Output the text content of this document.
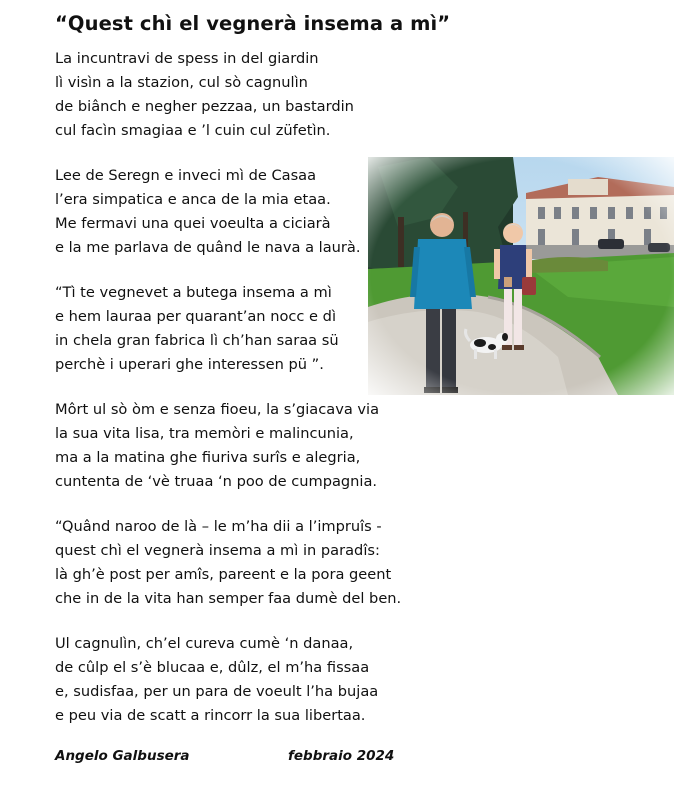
“Quest chì el vegnerà insema a mì”
La incuntravi de spess in del giardin
lì visìn a la stazion, cul sò cagnulìn
de biânch e negher pezzaa, un bastardin
cul facìn smagiaa e ’l cuin cul züfetìn.
Lee de Seregn e inveci mì de Casaa
l’era simpatica e anca de la mia etaa.
Me fermavi una quei voeulta a ciciarà
e la me parlava de quând le nava a laurà.
“Tì te vegnevet a butega insema a mì
e hem lauraa per quarant’an nocc e dì
in chela gran fabrica lì ch’han saraa sü
perchè i uperari ghe interessen pü ”.
Môrt ul sò òm e senza fioeu, la s’giacava via
la sua vita lisa, tra memòri e malincunia,
ma a la matina ghe fiuriva surîs e alegria,
cuntenta de ‘vè truaa ‘n poo de cumpagnia.
“Quând naroo de là – le m’ha dii a l’impruîs -
quest chì el vegnerà insema a mì in paradîs:
là gh’è post per amîs, pareent e la pora geent
che in de la vita han semper faa dumè del ben.
Ul cagnulìn, ch’el cureva cumè ‘n danaa,
de cûlp el s’è blucaa e, dûlz, el m’ha fissaa
e, sudisfaa, per un para de voeult l’ha bujaa
e peu via de scatt a rincorr la sua libertaa.
Angelo Galbusera	febbraio 2024
